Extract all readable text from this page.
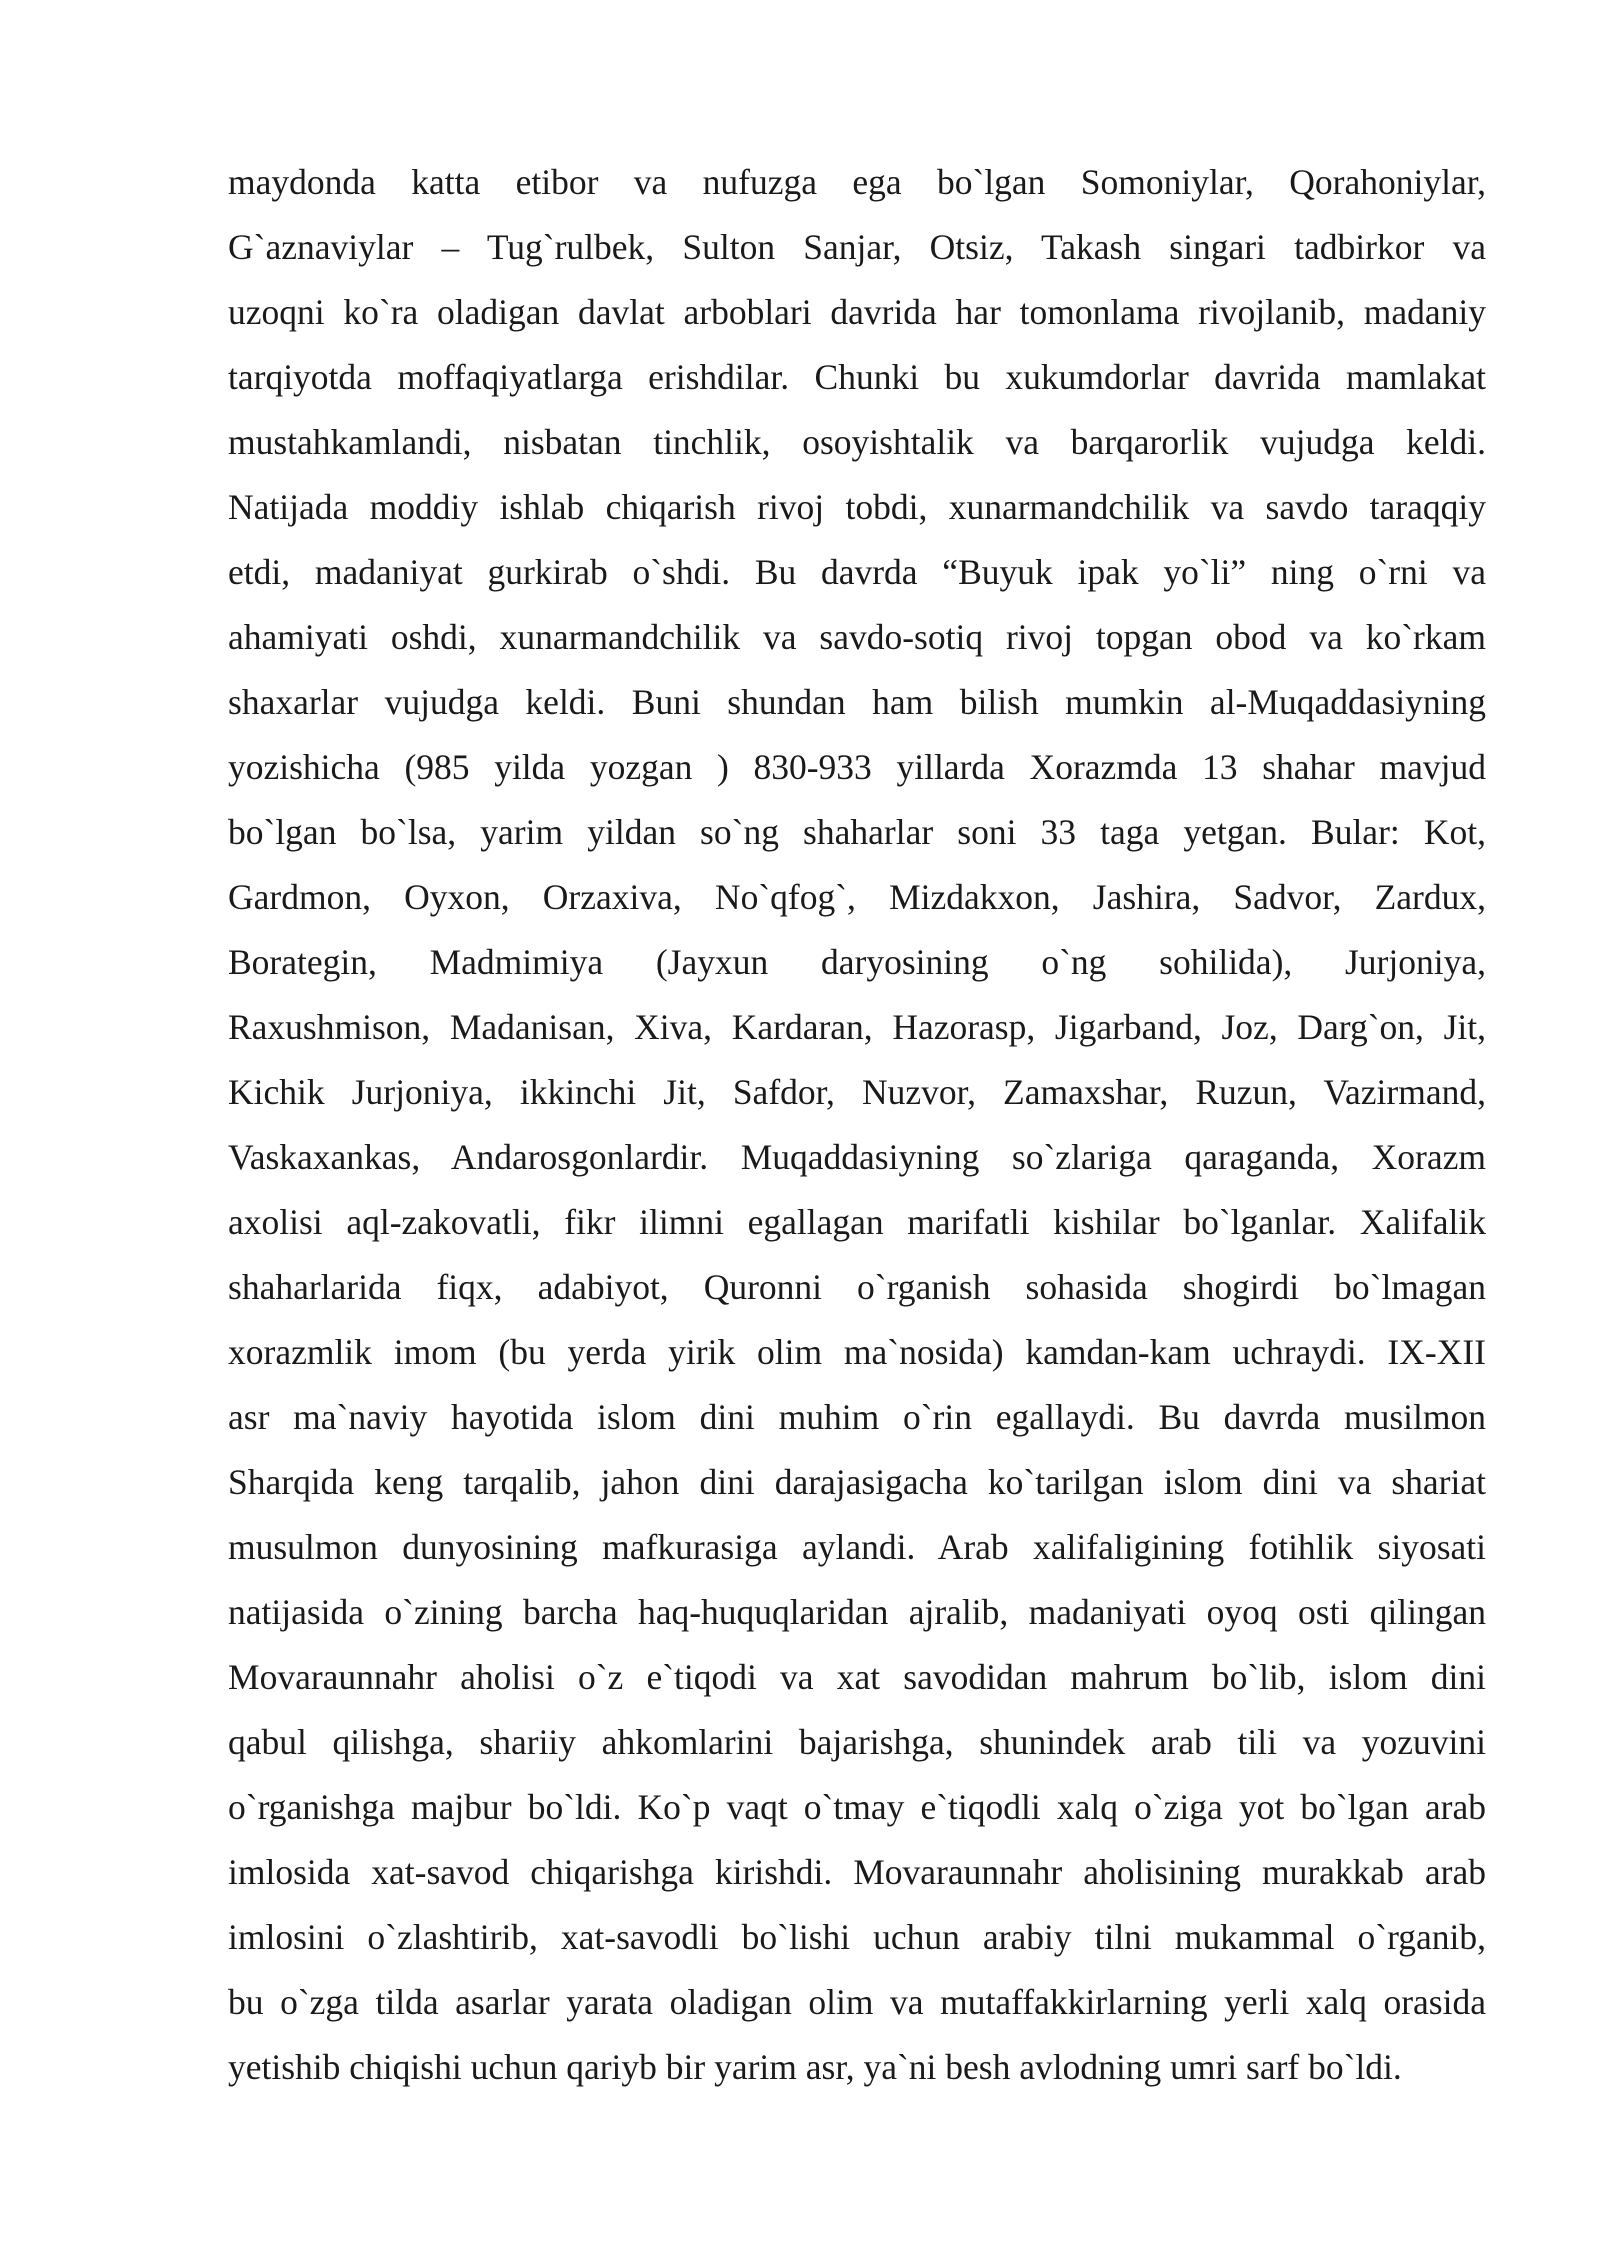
maydonda katta etibor va nufuzga ega bo`lgan Somoniylar, Qorahoniylar,
G`aznaviylar – Tug`rulbek, Sulton Sanjar, Otsiz, Takash singari tadbirkor va
uzoqni ko`ra oladigan davlat arboblari davrida har tomonlama rivojlanib, madaniy
tarqiyotda moffaqiyatlarga erishdilar. Chunki bu xukumdorlar davrida mamlakat
mustahkamlandi, nisbatan tinchlik, osoyishtalik va barqarorlik vujudga keldi.
Natijada moddiy ishlab chiqarish rivoj tobdi, xunarmandchilik va savdo taraqqiy
etdi, madaniyat gurkirab o`shdi. Bu davrda “Buyuk ipak yo`li” ning o`rni va
ahamiyati oshdi, xunarmandchilik va savdo-sotiq rivoj topgan obod va ko`rkam
shaxarlar vujudga keldi. Buni shundan ham bilish mumkin al-Muqaddasiyning
yozishicha (985 yilda yozgan ) 830-933 yillarda Xorazmda 13 shahar mavjud
bo`lgan bo`lsa, yarim yildan so`ng shaharlar soni 33 taga yetgan. Bular: Kot,
Gardmon, Oyxon, Orzaxiva, No`qfog`, Mizdakxon, Jashira, Sadvor, Zardux,
Borategin, Madmimiya (Jayxun daryosining o`ng sohilida), Jurjoniya,
Raxushmison, Madanisan, Xiva, Kardaran, Hazorasp, Jigarband, Joz, Darg`on, Jit,
Kichik Jurjoniya, ikkinchi Jit, Safdor, Nuzvor, Zamaxshar, Ruzun, Vazirmand,
Vaskaxankas, Andarosgonlardir. Muqaddasiyning so`zlariga qaraganda, Xorazm
axolisi aql-zakovatli, fikr ilimni egallagan marifatli kishilar bo`lganlar. Xalifalik
shaharlarida fiqx, adabiyot, Quronni o`rganish sohasida shogirdi bo`lmagan
xorazmlik imom (bu yerda yirik olim ma`nosida) kamdan-kam uchraydi. IX-XII
asr ma`naviy hayotida islom dini muhim o`rin egallaydi. Bu davrda musilmon
Sharqida keng tarqalib, jahon dini darajasigacha ko`tarilgan islom dini va shariat
musulmon dunyosining mafkurasiga aylandi. Arab xalifaligining fotihlik siyosati
natijasida o`zining barcha haq-huquqlaridan ajralib, madaniyati oyoq osti qilingan
Movaraunnahr aholisi o`z e`tiqodi va xat savodidan mahrum bo`lib, islom dini
qabul qilishga, shariiy ahkomlarini bajarishga, shunindek arab tili va yozuvini
o`rganishga majbur bo`ldi. Ko`p vaqt o`tmay e`tiqodli xalq o`ziga yot bo`lgan arab
imlosida xat-savod chiqarishga kirishdi. Movaraunnahr aholisining murakkab arab
imlosini o`zlashtirib, xat-savodli bo`lishi uchun arabiy tilni mukammal o`rganib,
bu o`zga tilda asarlar yarata oladigan olim va mutaffakkirlarning yerli xalq orasida
yetishib chiqishi uchun qariyb bir yarim asr, ya`ni besh avlodning umri sarf bo`ldi.
